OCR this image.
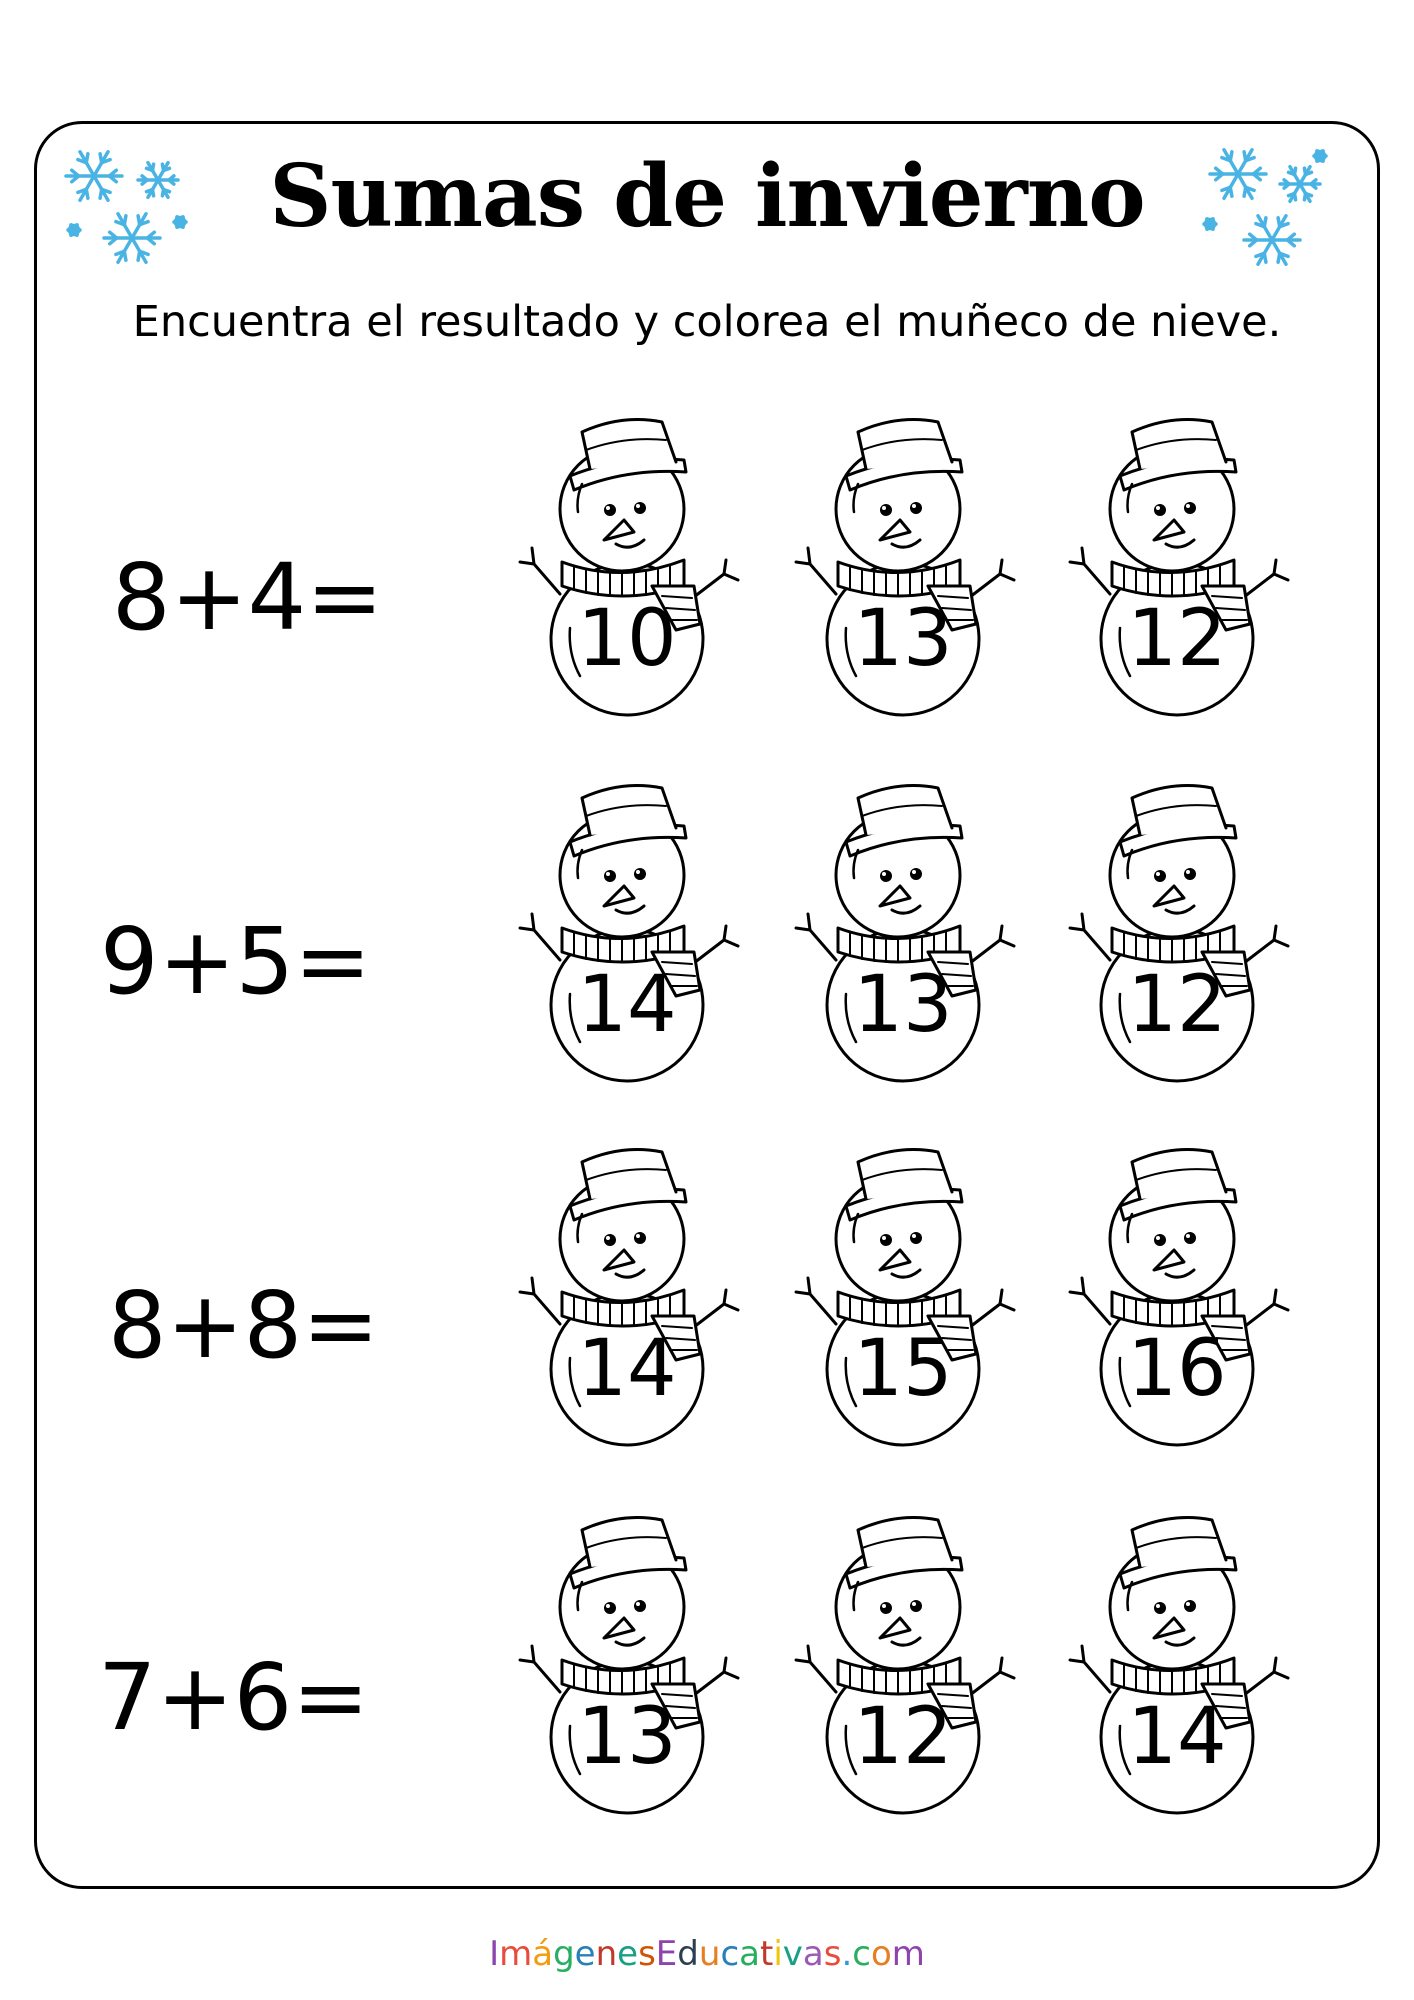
Sumas de invierno
Encuentra el resultado y colorea el muñeco de nieve.
8+4=	10	13	12
9+5=	14	13	12
8+8=	14	15	16
7+6=	13	12	14
ImágenesEducativas.com
